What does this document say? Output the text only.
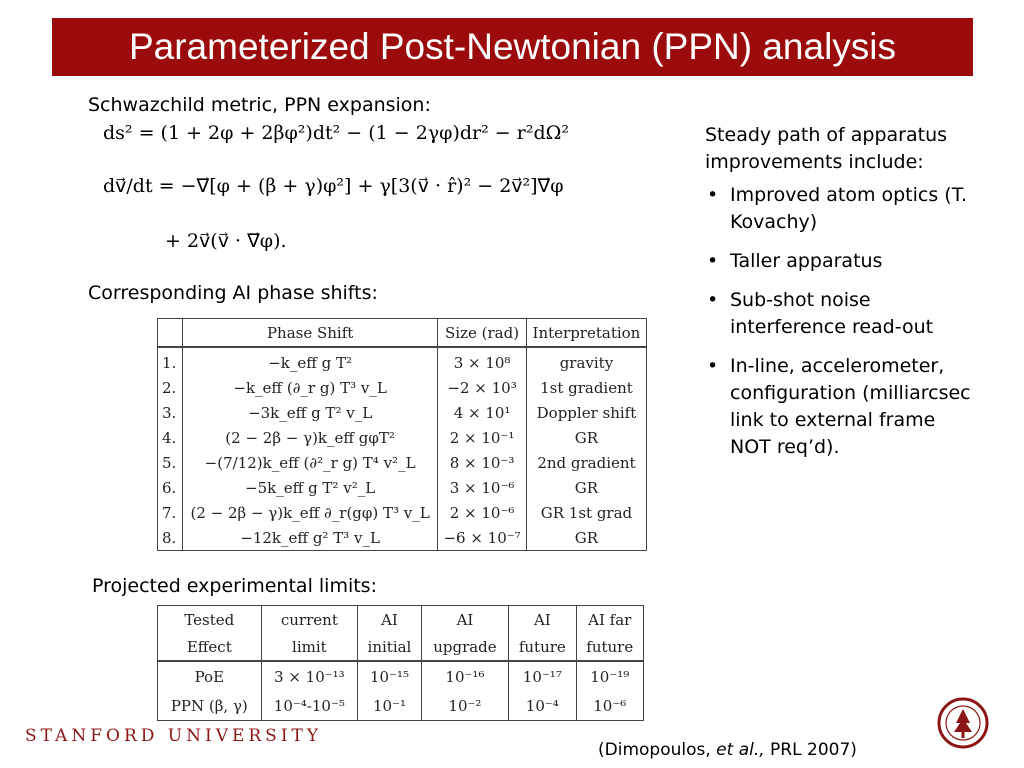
Parameterized Post-Newtonian (PPN) analysis
Schwazchild metric, PPN expansion:
ds² = (1 + 2φ + 2βφ²)dt² − (1 − 2γφ)dr² − r²dΩ²
dv⃗/dt = −∇⃗[φ + (β + γ)φ²] + γ[3(v⃗ · r̂)² − 2v⃗²]∇⃗φ
+ 2v⃗(v⃗ · ∇⃗φ).
Corresponding AI phase shifts:
	Phase Shift	Size (rad)	Interpretation
1.	−k_eff g T²	3 × 10⁸	gravity
2.	−k_eff (∂_r g) T³ v_L	−2 × 10³	1st gradient
3.	−3k_eff g T² v_L	4 × 10¹	Doppler shift
4.	(2 − 2β − γ)k_eff gφT²	2 × 10⁻¹	GR
5.	−(7/12)k_eff (∂²_r g) T⁴ v²_L	8 × 10⁻³	2nd gradient
6.	−5k_eff g T² v²_L	3 × 10⁻⁶	GR
7.	(2 − 2β − γ)k_eff ∂_r(gφ) T³ v_L	2 × 10⁻⁶	GR 1st grad
8.	−12k_eff g² T³ v_L	−6 × 10⁻⁷	GR
Projected experimental limits:
Tested	current	AI	AI	AI	AI far
Effect	limit	initial	upgrade	future	future
PoE	3 × 10⁻¹³	10⁻¹⁵	10⁻¹⁶	10⁻¹⁷	10⁻¹⁹
PPN (β, γ)	10⁻⁴-10⁻⁵	10⁻¹	10⁻²	10⁻⁴	10⁻⁶
Steady path of apparatus improvements include:
• Improved atom optics (T. Kovachy)
• Taller apparatus
• Sub-shot noise interference read-out
• In-line, accelerometer, configuration (milliarcsec link to external frame NOT req’d).
STANFORD UNIVERSITY
(Dimopoulos, et al., PRL 2007)
